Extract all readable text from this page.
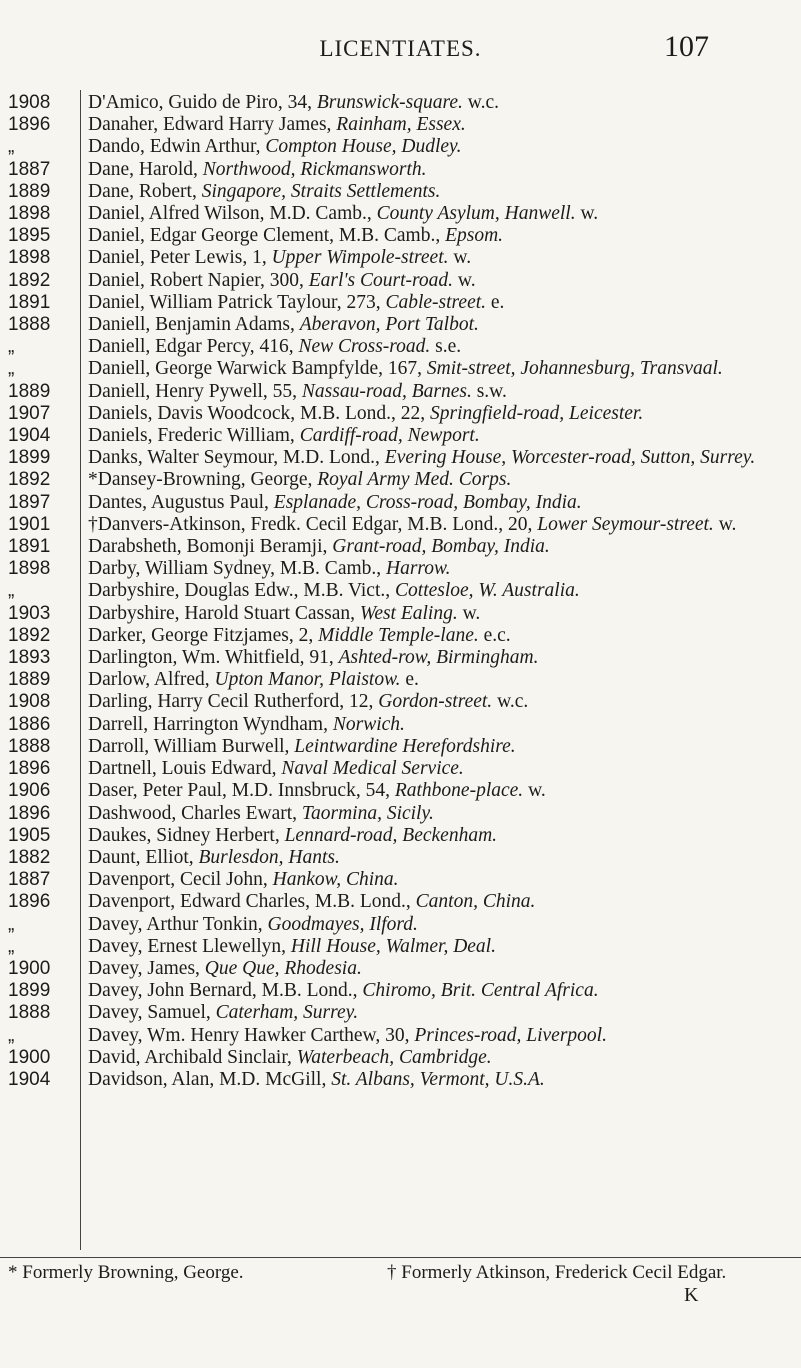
LICENTIATES.	107
1908	D'Amico, Guido de Piro, 34, Brunswick-square. w.c.
1896	Danaher, Edward Harry James, Rainham, Essex.
„	Dando, Edwin Arthur, Compton House, Dudley.
1887	Dane, Harold, Northwood, Rickmansworth.
1889	Dane, Robert, Singapore, Straits Settlements.
1898	Daniel, Alfred Wilson, M.D. Camb., County Asylum, Hanwell. w.
1895	Daniel, Edgar George Clement, M.B. Camb., Epsom.
1898	Daniel, Peter Lewis, 1, Upper Wimpole-street. w.
1892	Daniel, Robert Napier, 300, Earl's Court-road. w.
1891	Daniel, William Patrick Taylour, 273, Cable-street. e.
1888	Daniell, Benjamin Adams, Aberavon, Port Talbot.
„	Daniell, Edgar Percy, 416, New Cross-road. s.e.
„	Daniell, George Warwick Bampfylde, 167, Smit-street, Johannesburg, Transvaal.
1889	Daniell, Henry Pywell, 55, Nassau-road, Barnes. s.w.
1907	Daniels, Davis Woodcock, M.B. Lond., 22, Springfield-road, Leicester.
1904	Daniels, Frederic William, Cardiff-road, Newport.
1899	Danks, Walter Seymour, M.D. Lond., Evering House, Worcester-road, Sutton, Surrey.
1892	*Dansey-Browning, George, Royal Army Med. Corps.
1897	Dantes, Augustus Paul, Esplanade, Cross-road, Bombay, India.
1901	†Danvers-Atkinson, Fredk. Cecil Edgar, M.B. Lond., 20, Lower Seymour-street. w.
1891	Darabsheth, Bomonji Beramji, Grant-road, Bombay, India.
1898	Darby, William Sydney, M.B. Camb., Harrow.
„	Darbyshire, Douglas Edw., M.B. Vict., Cottesloe, W. Australia.
1903	Darbyshire, Harold Stuart Cassan, West Ealing. w.
1892	Darker, George Fitzjames, 2, Middle Temple-lane. e.c.
1893	Darlington, Wm. Whitfield, 91, Ashted-row, Birmingham.
1889	Darlow, Alfred, Upton Manor, Plaistow. e.
1908	Darling, Harry Cecil Rutherford, 12, Gordon-street. w.c.
1886	Darrell, Harrington Wyndham, Norwich.
1888	Darroll, William Burwell, Leintwardine Herefordshire.
1896	Dartnell, Louis Edward, Naval Medical Service.
1906	Daser, Peter Paul, M.D. Innsbruck, 54, Rathbone-place. w.
1896	Dashwood, Charles Ewart, Taormina, Sicily.
1905	Daukes, Sidney Herbert, Lennard-road, Beckenham.
1882	Daunt, Elliot, Burlesdon, Hants.
1887	Davenport, Cecil John, Hankow, China.
1896	Davenport, Edward Charles, M.B. Lond., Canton, China.
„	Davey, Arthur Tonkin, Goodmayes, Ilford.
„	Davey, Ernest Llewellyn, Hill House, Walmer, Deal.
1900	Davey, James, Que Que, Rhodesia.
1899	Davey, John Bernard, M.B. Lond., Chiromo, Brit. Central Africa.
1888	Davey, Samuel, Caterham, Surrey.
„	Davey, Wm. Henry Hawker Carthew, 30, Princes-road, Liverpool.
1900	David, Archibald Sinclair, Waterbeach, Cambridge.
1904	Davidson, Alan, M.D. McGill, St. Albans, Vermont, U.S.A.
* Formerly Browning, George.	† Formerly Atkinson, Frederick Cecil Edgar.
K
